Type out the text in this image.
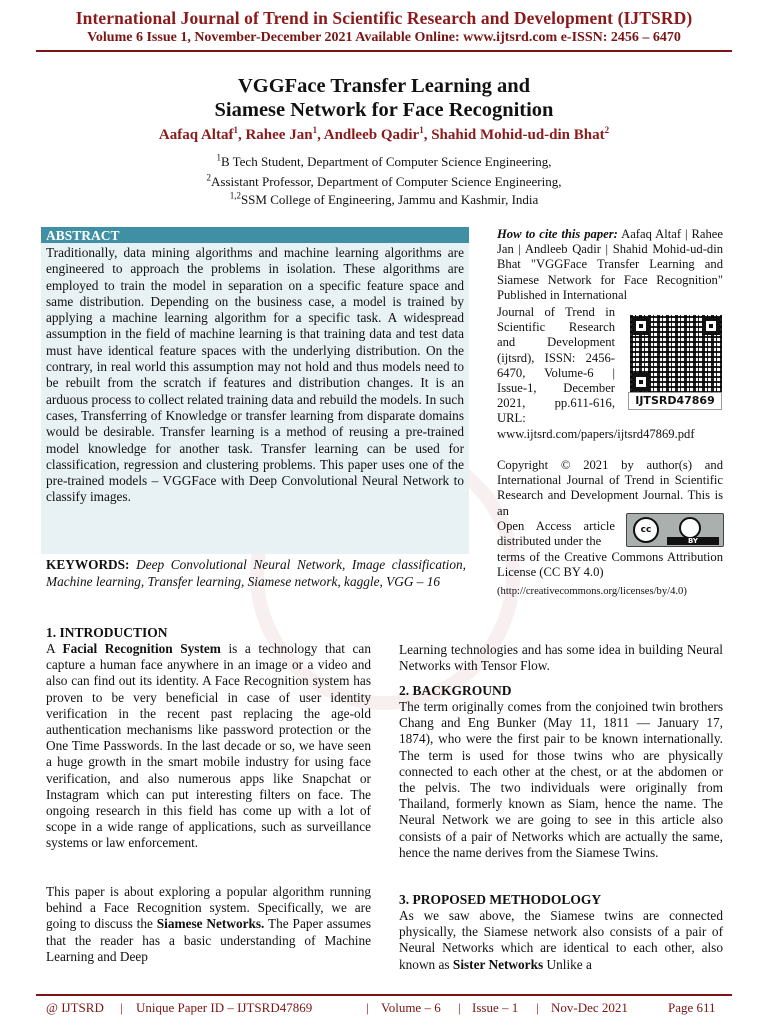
International Journal of Trend in Scientific Research and Development (IJTSRD)
Volume 6 Issue 1, November-December 2021 Available Online: www.ijtsrd.com e-ISSN: 2456 – 6470
VGGFace Transfer Learning and
Siamese Network for Face Recognition
Aafaq Altaf$^1$, Rahee Jan$^1$, Andleeb Qadir$^1$, Shahid Mohid-ud-din Bhat$^2$
$^1$B Tech Student, Department of Computer Science Engineering,
$^2$Assistant Professor, Department of Computer Science Engineering,
$^{1,2}$SSM College of Engineering, Jammu and Kashmir, India
ABSTRACT
Traditionally, data mining algorithms and machine learning algorithms are engineered to approach the problems in isolation. These algorithms are employed to train the model in separation on a specific feature space and same distribution. Depending on the business case, a model is trained by applying a machine learning algorithm for a specific task. A widespread assumption in the field of machine learning is that training data and test data must have identical feature spaces with the underlying distribution. On the contrary, in real world this assumption may not hold and thus models need to be rebuilt from the scratch if features and distribution changes. It is an arduous process to collect related training data and rebuild the models. In such cases, Transferring of Knowledge or transfer learning from disparate domains would be desirable. Transfer learning is a method of reusing a pre-trained model knowledge for another task. Transfer learning can be used for classification, regression and clustering problems. This paper uses one of the pre-trained models – VGGFace with Deep Convolutional Neural Network to classify images.
KEYWORDS: Deep Convolutional Neural Network, Image classification, Machine learning, Transfer learning, Siamese network, kaggle, VGG – 16
How to cite this paper: Aafaq Altaf | Rahee Jan | Andleeb Qadir | Shahid Mohid-ud-din Bhat "VGGFace Transfer Learning and Siamese Network for Face Recognition" Published in International
Journal of Trend in Scientific Research and Development (ijtsrd), ISSN: 2456-6470, Volume-6 | Issue-1, December 2021, pp.611-616, URL:
www.ijtsrd.com/papers/ijtsrd47869.pdf
IJTSRD47869
Copyright © 2021 by author(s) and International Journal of Trend in Scientific Research and Development Journal. This is an
Open Access article distributed under the
terms of the Creative Commons Attribution License (CC BY 4.0)
(http://creativecommons.org/licenses/by/4.0)
cc
BY
1. INTRODUCTION
A Facial Recognition System is a technology that can capture a human face anywhere in an image or a video and also can find out its identity. A Face Recognition system has proven to be very beneficial in case of user identity verification in the recent past replacing the age-old authentication mechanisms like password protection or the One Time Passwords. In the last decade or so, we have seen a huge growth in the smart mobile industry for using face verification, and also numerous apps like Snapchat or Instagram which can put interesting filters on face. The ongoing research in this field has come up with a lot of scope in a wide range of applications, such as surveillance systems or law enforcement.
This paper is about exploring a popular algorithm running behind a Face Recognition system. Specifically, we are going to discuss the Siamese Networks. The Paper assumes that the reader has a basic understanding of Machine Learning and Deep
Learning technologies and has some idea in building Neural Networks with Tensor Flow.
2. BACKGROUND
The term originally comes from the conjoined twin brothers Chang and Eng Bunker (May 11, 1811 — January 17, 1874), who were the first pair to be known internationally. The term is used for those twins who are physically connected to each other at the chest, or at the abdomen or the pelvis. The two individuals were originally from Thailand, formerly known as Siam, hence the name. The Neural Network we are going to see in this article also consists of a pair of Networks which are actually the same, hence the name derives from the Siamese Twins.
3. PROPOSED METHODOLOGY
As we saw above, the Siamese twins are connected physically, the Siamese network also consists of a pair of Neural Networks which are identical to each other, also known as Sister Networks Unlike a
@ IJTSRD | Unique Paper ID – IJTSRD47869	| Volume – 6 | Issue – 1 | Nov-Dec 2021	Page 611
